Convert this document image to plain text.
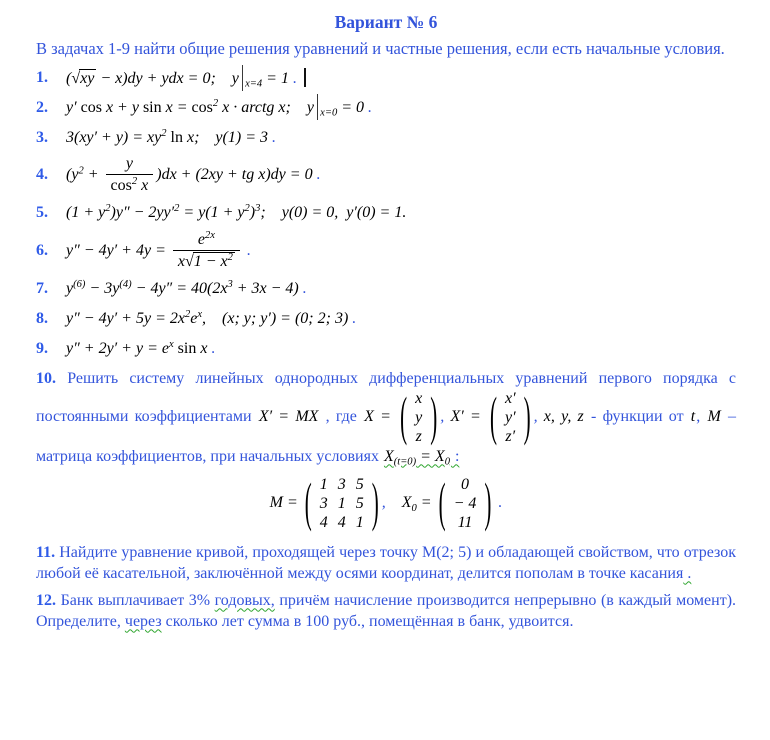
Вариант № 6

В задачах 1-9 найти общие решения уравнений и частные решения, если есть начальные условия.

1.	(√xy − x)dy + ydx = 0;  y $|_{x=4} = 1$ .
2.	y′ cos x + y $\sin x = \cos^2 x$ · arctg x;  y $|_{x=0} = 0$ .
3.	$3(xy' + y) = xy^2$ ln x;  y(1) = 3 .
4.	$(y^2 + \frac{y}{\cos^2 x} )dx + (2xy$ + tg x)dy = 0 .
5.	$(1 + y^2)y'' - 2yy'^2 = y(1 + y^2)^3$;  y(0) = 0, y′(0) = 1.
6.	$y'' - 4y' + 4y = \frac{e^{2x}}{x√1 - x^2}$ .
7.	$y^{(6)} - 3y^{(4)} - 4y'' = 40(2x^3 + 3x - 4)$ .
8.	$y'' - 4y' + 5y = 2x^2e^x$,  (x; y; y′) = (0; 2; 3) .
9.	$y'' + 2y' + y = e^x$ sin x .

10. Решить систему линейных однородных дифференциальных уравнений первого порядка с постоянными коэффициентами X′ = MX , где X = ( x
y
z ) , X′ = ( x′
y′
z′ ) , x, y, z - функции от t, M – матрица коэффициентов, при начальных условиях $X_{(t=0)} = X_0$ :

M = ( 1 3 5
3 1 5
4 4 1 ) ,  $X_0$ = ( 0
− 4
11 ) .

11. Найдите уравнение кривой, проходящей через точку М(2; 5) и обладающей свойством, что отрезок любой её касательной, заключённой между осями координат, делится пополам в точке касания .

12. Банк выплачивает 3% годовых, причём начисление производится непрерывно (в каждый момент). Определите, через сколько лет сумма в 100 руб., помещённая в банк, удвоится.
